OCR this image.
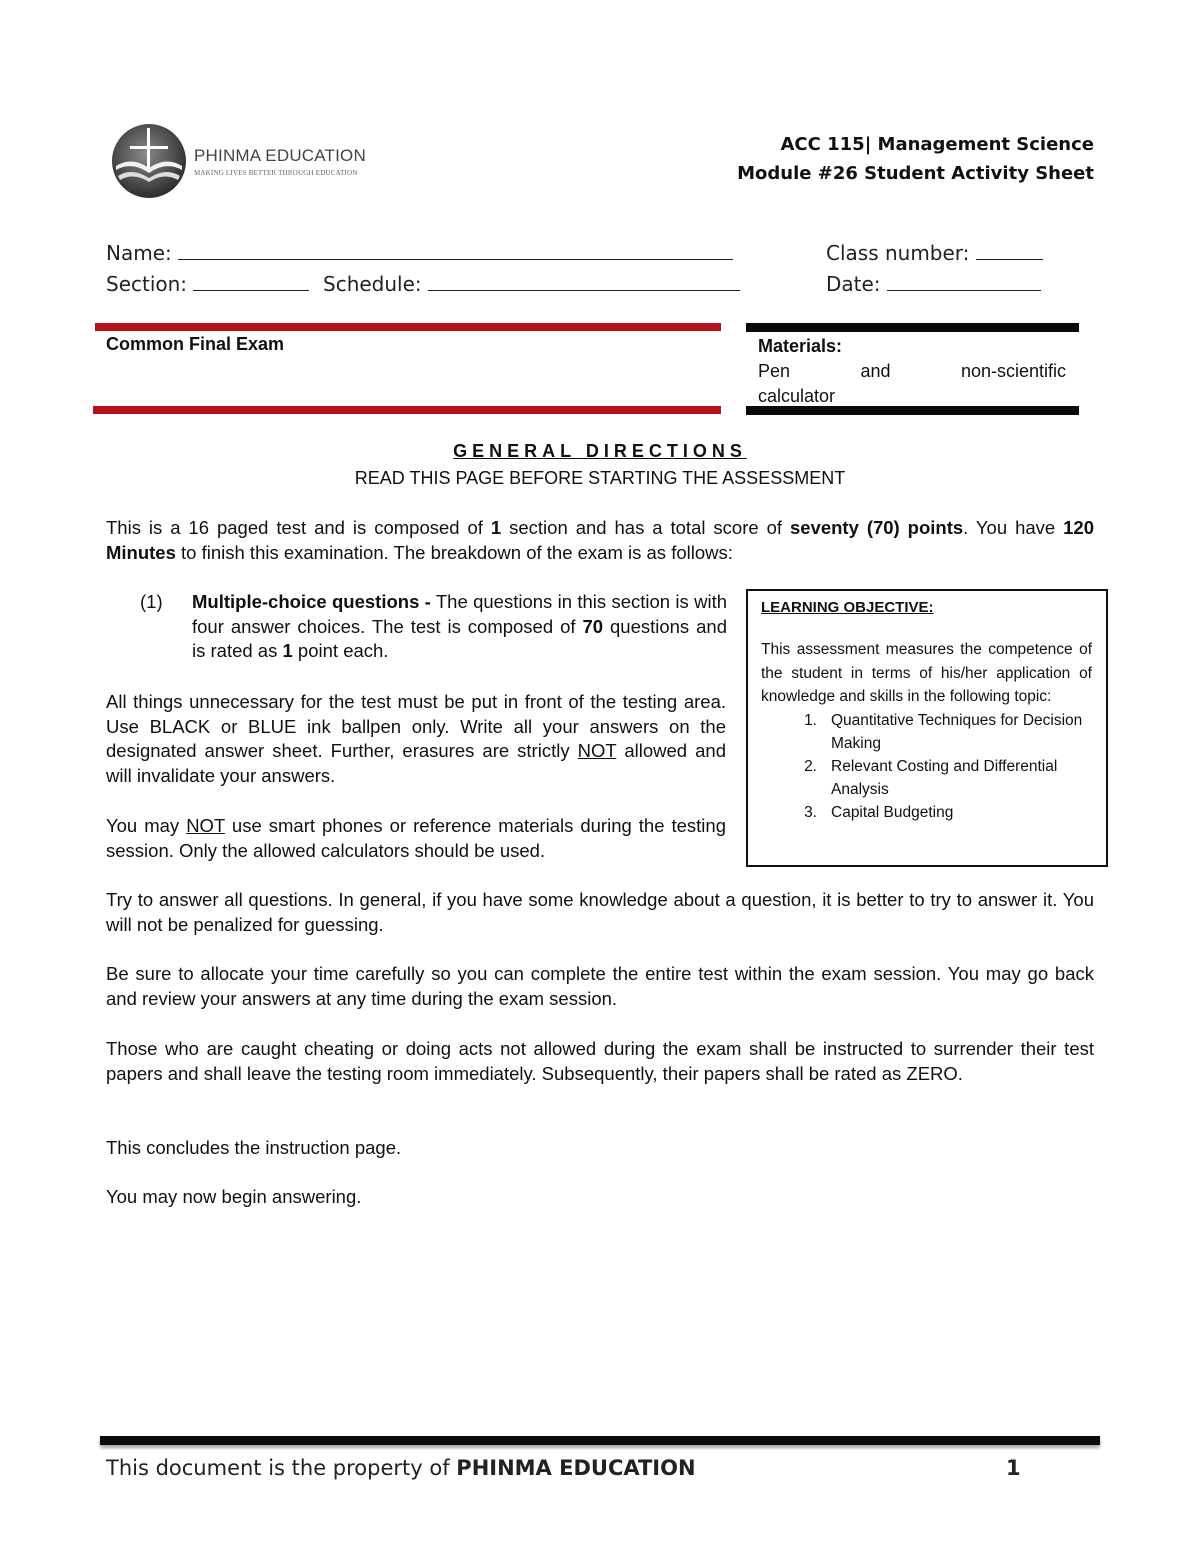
PHINMA EDUCATION
MAKING LIVES BETTER THROUGH EDUCATION
ACC 115| Management Science
Module #26 Student Activity Sheet
Name:	Class number:
Section:	Schedule:	Date:
Common Final Exam	Materials:
Pen	and	non-scientific
calculator
GENERAL DIRECTIONS
READ THIS PAGE BEFORE STARTING THE ASSESSMENT
This is a 16 paged test and is composed of 1 section and has a total score of seventy (70) points. You have 120 Minutes to finish this examination. The breakdown of the exam is as follows:
(1)	Multiple-choice questions - The questions in this section is with four answer choices. The test is composed of 70 questions and is rated as 1 point each.
All things unnecessary for the test must be put in front of the testing area. Use BLACK or BLUE ink ballpen only. Write all your answers on the designated answer sheet. Further, erasures are strictly NOT allowed and will invalidate your answers.
You may NOT use smart phones or reference materials during the testing session. Only the allowed calculators should be used.
LEARNING OBJECTIVE:
This assessment measures the competence of the student in terms of his/her application of knowledge and skills in the following topic:
1. Quantitative Techniques for Decision Making
2. Relevant Costing and Differential Analysis
3. Capital Budgeting
Try to answer all questions. In general, if you have some knowledge about a question, it is better to try to answer it. You will not be penalized for guessing.
Be sure to allocate your time carefully so you can complete the entire test within the exam session. You may go back and review your answers at any time during the exam session.
Those who are caught cheating or doing acts not allowed during the exam shall be instructed to surrender their test papers and shall leave the testing room immediately. Subsequently, their papers shall be rated as ZERO.
This concludes the instruction page.
You may now begin answering.
This document is the property of PHINMA EDUCATION	1
